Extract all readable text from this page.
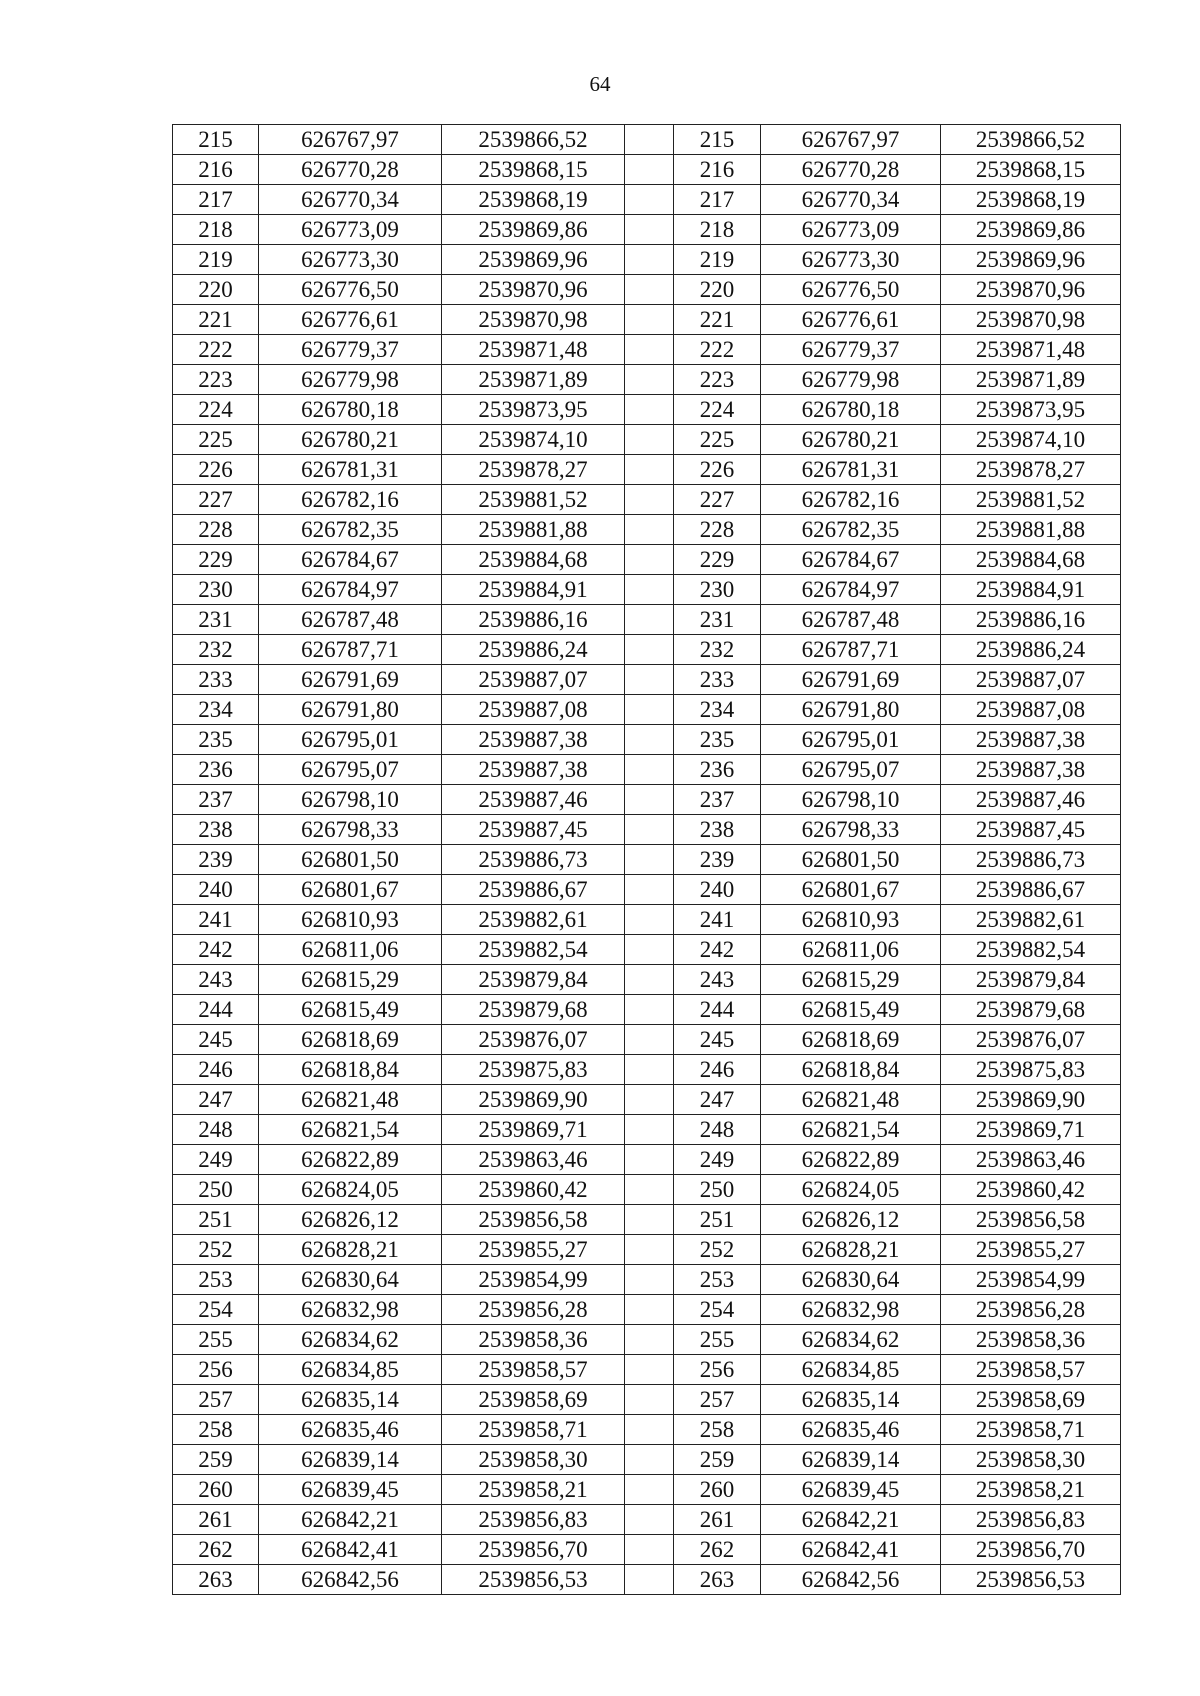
64
215	626767,97	2539866,52		215	626767,97	2539866,52
216	626770,28	2539868,15		216	626770,28	2539868,15
217	626770,34	2539868,19		217	626770,34	2539868,19
218	626773,09	2539869,86		218	626773,09	2539869,86
219	626773,30	2539869,96		219	626773,30	2539869,96
220	626776,50	2539870,96		220	626776,50	2539870,96
221	626776,61	2539870,98		221	626776,61	2539870,98
222	626779,37	2539871,48		222	626779,37	2539871,48
223	626779,98	2539871,89		223	626779,98	2539871,89
224	626780,18	2539873,95		224	626780,18	2539873,95
225	626780,21	2539874,10		225	626780,21	2539874,10
226	626781,31	2539878,27		226	626781,31	2539878,27
227	626782,16	2539881,52		227	626782,16	2539881,52
228	626782,35	2539881,88		228	626782,35	2539881,88
229	626784,67	2539884,68		229	626784,67	2539884,68
230	626784,97	2539884,91		230	626784,97	2539884,91
231	626787,48	2539886,16		231	626787,48	2539886,16
232	626787,71	2539886,24		232	626787,71	2539886,24
233	626791,69	2539887,07		233	626791,69	2539887,07
234	626791,80	2539887,08		234	626791,80	2539887,08
235	626795,01	2539887,38		235	626795,01	2539887,38
236	626795,07	2539887,38		236	626795,07	2539887,38
237	626798,10	2539887,46		237	626798,10	2539887,46
238	626798,33	2539887,45		238	626798,33	2539887,45
239	626801,50	2539886,73		239	626801,50	2539886,73
240	626801,67	2539886,67		240	626801,67	2539886,67
241	626810,93	2539882,61		241	626810,93	2539882,61
242	626811,06	2539882,54		242	626811,06	2539882,54
243	626815,29	2539879,84		243	626815,29	2539879,84
244	626815,49	2539879,68		244	626815,49	2539879,68
245	626818,69	2539876,07		245	626818,69	2539876,07
246	626818,84	2539875,83		246	626818,84	2539875,83
247	626821,48	2539869,90		247	626821,48	2539869,90
248	626821,54	2539869,71		248	626821,54	2539869,71
249	626822,89	2539863,46		249	626822,89	2539863,46
250	626824,05	2539860,42		250	626824,05	2539860,42
251	626826,12	2539856,58		251	626826,12	2539856,58
252	626828,21	2539855,27		252	626828,21	2539855,27
253	626830,64	2539854,99		253	626830,64	2539854,99
254	626832,98	2539856,28		254	626832,98	2539856,28
255	626834,62	2539858,36		255	626834,62	2539858,36
256	626834,85	2539858,57		256	626834,85	2539858,57
257	626835,14	2539858,69		257	626835,14	2539858,69
258	626835,46	2539858,71		258	626835,46	2539858,71
259	626839,14	2539858,30		259	626839,14	2539858,30
260	626839,45	2539858,21		260	626839,45	2539858,21
261	626842,21	2539856,83		261	626842,21	2539856,83
262	626842,41	2539856,70		262	626842,41	2539856,70
263	626842,56	2539856,53		263	626842,56	2539856,53
